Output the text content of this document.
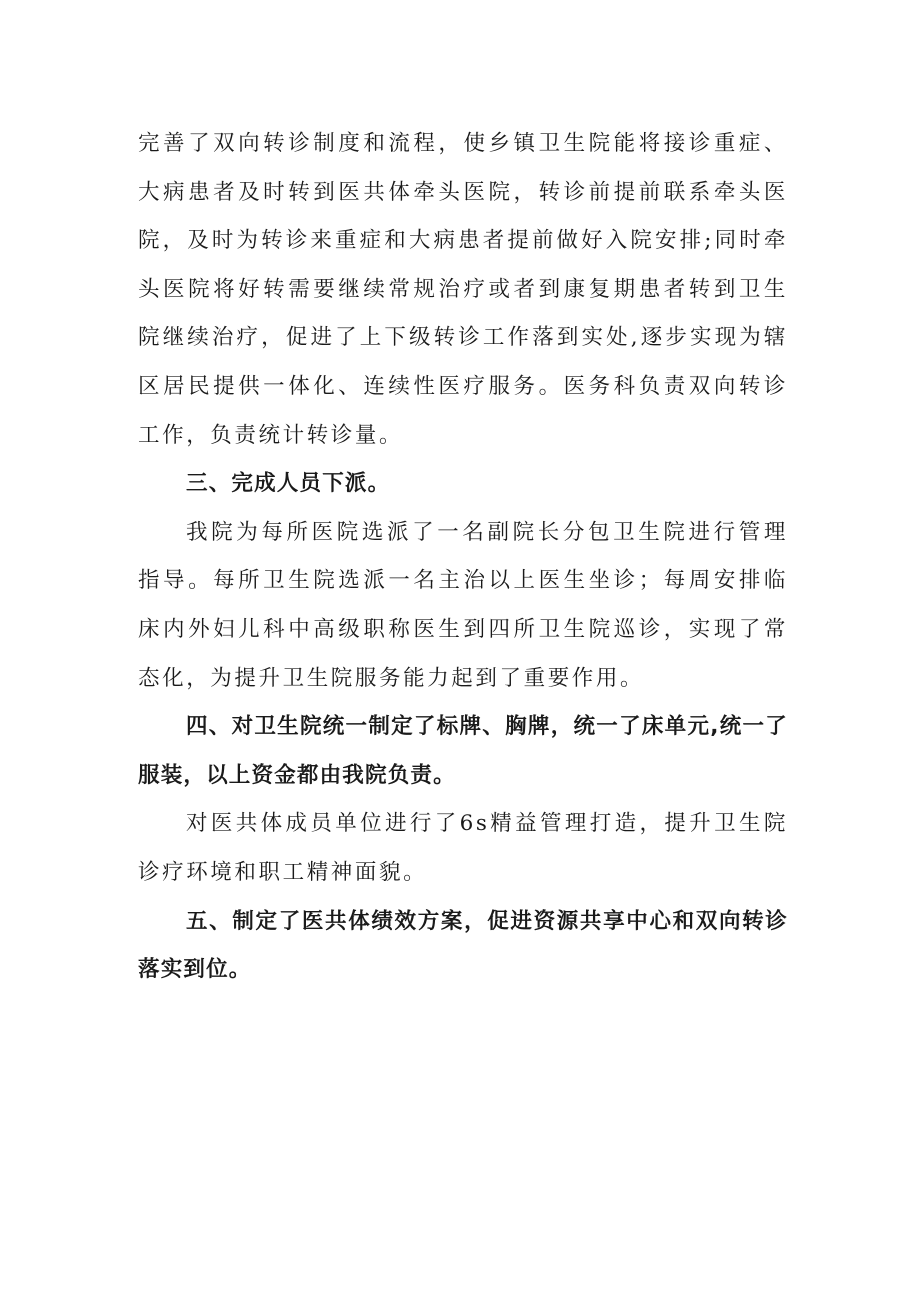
完善了双向转诊制度和流程，使乡镇卫生院能将接诊重症、大病患者及时转到医共体牵头医院，转诊前提前联系牵头医院，及时为转诊来重症和大病患者提前做好入院安排;同时牵头医院将好转需要继续常规治疗或者到康复期患者转到卫生院继续治疗，促进了上下级转诊工作落到实处,逐步实现为辖区居民提供一体化、连续性医疗服务。医务科负责双向转诊工作，负责统计转诊量。

三、完成人员下派。

我院为每所医院选派了一名副院长分包卫生院进行管理指导。每所卫生院选派一名主治以上医生坐诊；每周安排临床内外妇儿科中高级职称医生到四所卫生院巡诊，实现了常态化，为提升卫生院服务能力起到了重要作用。

四、对卫生院统一制定了标牌、胸牌，统一了床单元,统一了服装，以上资金都由我院负责。

对医共体成员单位进行了6s精益管理打造，提升卫生院诊疗环境和职工精神面貌。

五、制定了医共体绩效方案，促进资源共享中心和双向转诊落实到位。
